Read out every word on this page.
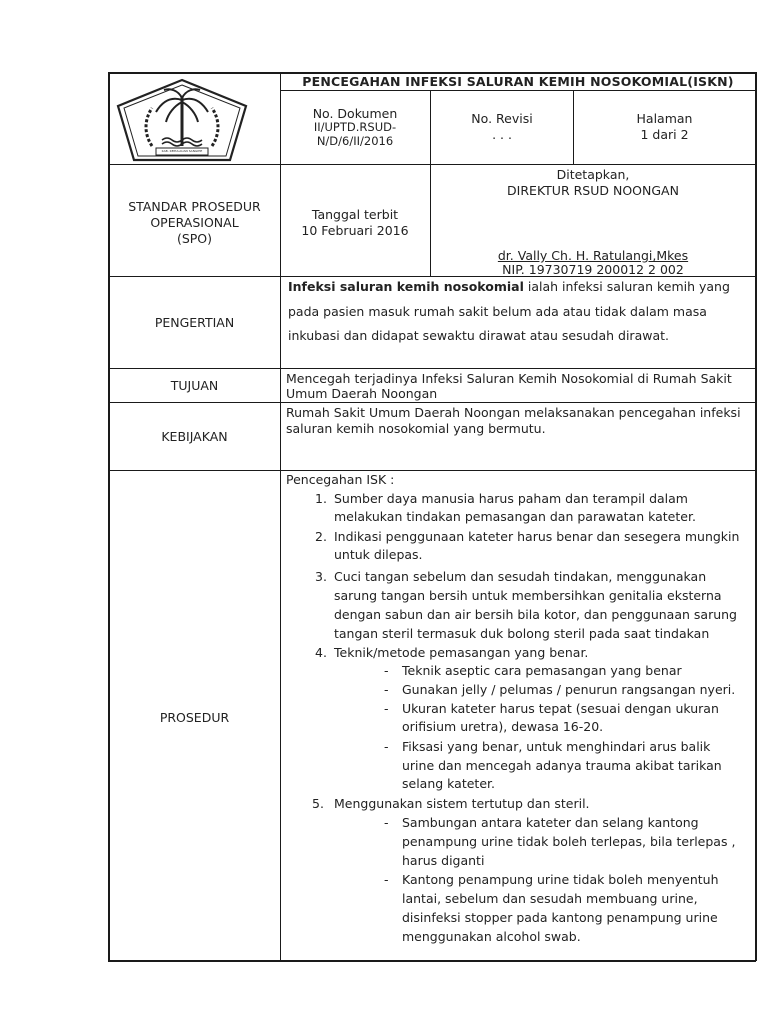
KAB. KEPULAUAN SANGIHE
PENCEGAHAN INFEKSI SALURAN KEMIH NOSOKOMIAL(ISKN)
No. Dokumen
II/UPTD.RSUD-
N/D/6/II/2016
No. Revisi
. . .
Halaman
1 dari 2
STANDAR PROSEDUR
OPERASIONAL
(SPO)
Tanggal terbit
10 Februari 2016
Ditetapkan,
DIREKTUR RSUD NOONGAN
dr. Vally Ch. H. Ratulangi,Mkes
NIP. 19730719 200012 2 002
PENGERTIAN
Infeksi saluran kemih nosokomial ialah infeksi saluran kemih yang
pada pasien masuk rumah sakit belum ada atau tidak dalam masa
inkubasi dan didapat sewaktu dirawat atau sesudah dirawat.
TUJUAN	Mencegah terjadinya Infeksi Saluran Kemih Nosokomial di Rumah Sakit
Umum Daerah Noongan
KEBIJAKAN
Rumah Sakit Umum Daerah Noongan melaksanakan pencegahan infeksi
saluran kemih nosokomial yang bermutu.
PROSEDUR
Pencegahan ISK :
1. Sumber daya manusia harus paham dan terampil dalam
melakukan tindakan pemasangan dan parawatan kateter.
2. Indikasi penggunaan kateter harus benar dan sesegera mungkin
untuk dilepas.
3. Cuci tangan sebelum dan sesudah tindakan, menggunakan
sarung tangan bersih untuk membersihkan genitalia eksterna
dengan sabun dan air bersih bila kotor, dan penggunaan sarung
tangan steril termasuk duk bolong steril pada saat tindakan
4. Teknik/metode pemasangan yang benar.
- Teknik aseptic cara pemasangan yang benar
- Gunakan jelly / pelumas / penurun rangsangan nyeri.
- Ukuran kateter harus tepat (sesuai dengan ukuran
orifisium uretra), dewasa 16-20.
- Fiksasi yang benar, untuk menghindari arus balik
urine dan mencegah adanya trauma akibat tarikan
selang kateter.
5. Menggunakan sistem tertutup dan steril.
- Sambungan antara kateter dan selang kantong
penampung urine tidak boleh terlepas, bila terlepas ,
harus diganti
- Kantong penampung urine tidak boleh menyentuh
lantai, sebelum dan sesudah membuang urine,
disinfeksi stopper pada kantong penampung urine
menggunakan alcohol swab.
